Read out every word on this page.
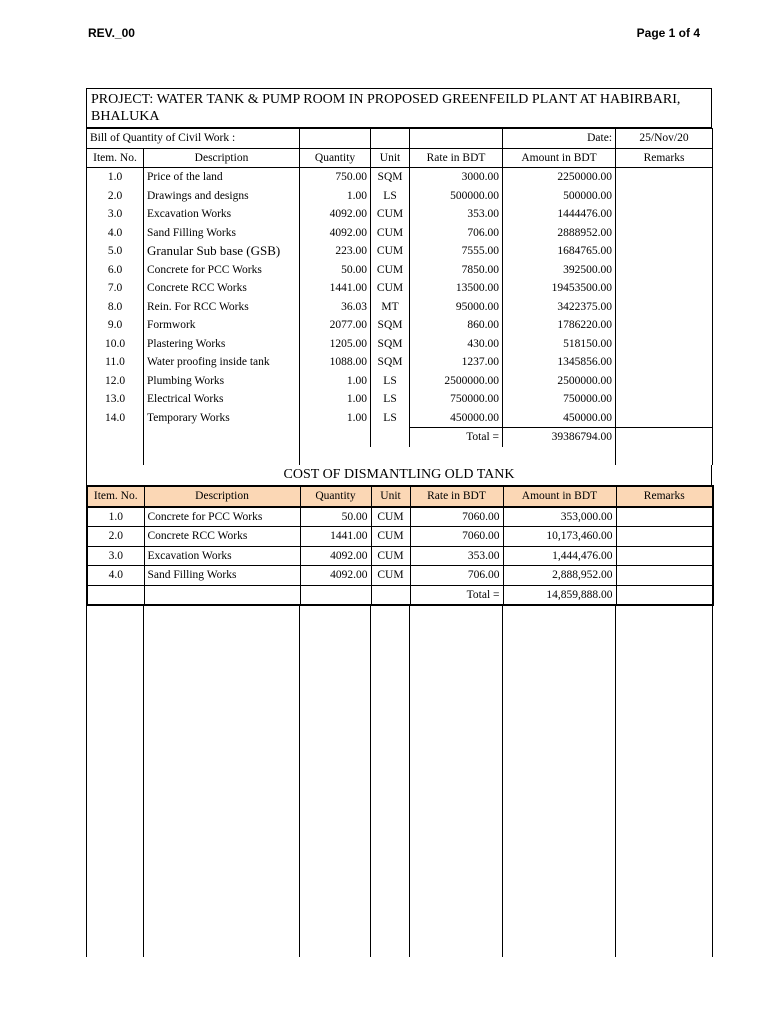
REV._00	Page 1 of 4
PROJECT: WATER TANK & PUMP ROOM IN PROPOSED GREENFEILD PLANT AT HABIRBARI, BHALUKA
Bill of Quantity of Civil Work :					Date:	25/Nov/20
Item. No.	Description	Quantity	Unit	Rate in BDT	Amount in BDT	Remarks
1.0	Price of the land	750.00	SQM	3000.00	2250000.00	
2.0	Drawings and designs	1.00	LS	500000.00	500000.00	
3.0	Excavation Works	4092.00	CUM	353.00	1444476.00	
4.0	Sand Filling Works	4092.00	CUM	706.00	2888952.00	
5.0	Granular Sub base (GSB)	223.00	CUM	7555.00	1684765.00	
6.0	Concrete for PCC Works	50.00	CUM	7850.00	392500.00	
7.0	Concrete RCC Works	1441.00	CUM	13500.00	19453500.00	
8.0	Rein. For RCC Works	36.03	MT	95000.00	3422375.00	
9.0	Formwork	2077.00	SQM	860.00	1786220.00	
10.0	Plastering Works	1205.00	SQM	430.00	518150.00	
11.0	Water proofing inside tank	1088.00	SQM	1237.00	1345856.00	
12.0	Plumbing Works	1.00	LS	2500000.00	2500000.00	
13.0	Electrical Works	1.00	LS	750000.00	750000.00	
14.0	Temporary Works	1.00	LS	450000.00	450000.00	
				Total =	39386794.00	

COST OF DISMANTLING OLD TANK
Item. No.	Description	Quantity	Unit	Rate in BDT	Amount in BDT	Remarks
1.0	Concrete for PCC Works	50.00	CUM	7060.00	353,000.00	
2.0	Concrete RCC Works	1441.00	CUM	7060.00	10,173,460.00	
3.0	Excavation Works	4092.00	CUM	353.00	1,444,476.00	
4.0	Sand Filling Works	4092.00	CUM	706.00	2,888,952.00	
				Total =	14,859,888.00	
